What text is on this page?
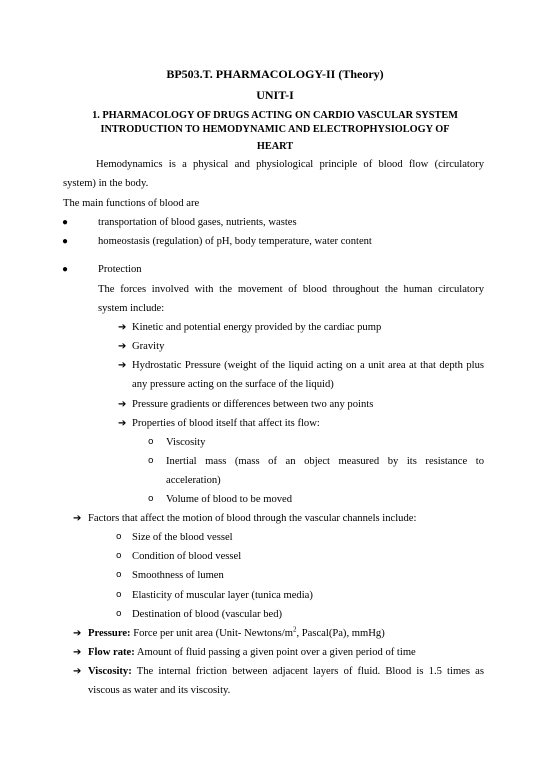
BP503.T. PHARMACOLOGY-II (Theory)
UNIT-I
1. PHARMACOLOGY OF DRUGS ACTING ON CARDIO VASCULAR SYSTEM
INTRODUCTION TO HEMODYNAMIC AND ELECTROPHYSIOLOGY OF
HEART
Hemodynamics is a physical and physiological principle of blood flow (circulatory
system) in the body.
The main functions of blood are
●	transportation of blood gases, nutrients, wastes
●	homeostasis (regulation) of pH, body temperature, water content
●	Protection
The forces involved with the movement of blood throughout the human circulatory
system include:
➔ Kinetic and potential energy provided by the cardiac pump
➔ Gravity
➔ Hydrostatic Pressure (weight of the liquid acting on a unit area at that depth plus
any pressure acting on the surface of the liquid)
➔ Pressure gradients or differences between two any points
➔ Properties of blood itself that affect its flow:
o Viscosity
o Inertial mass (mass of an object measured by its resistance to
acceleration)
o Volume of blood to be moved
➔ Factors that affect the motion of blood through the vascular channels include:
o Size of the blood vessel
o Condition of blood vessel
o Smoothness of lumen
o Elasticity of muscular layer (tunica media)
o Destination of blood (vascular bed)
➔ Pressure: Force per unit area (Unit- Newtons/$m^2$, Pascal(Pa), mmHg)
➔ Flow rate: Amount of fluid passing a given point over a given period of time
➔ Viscosity: The internal friction between adjacent layers of fluid. Blood is 1.5 times as
viscous as water and its viscosity.
